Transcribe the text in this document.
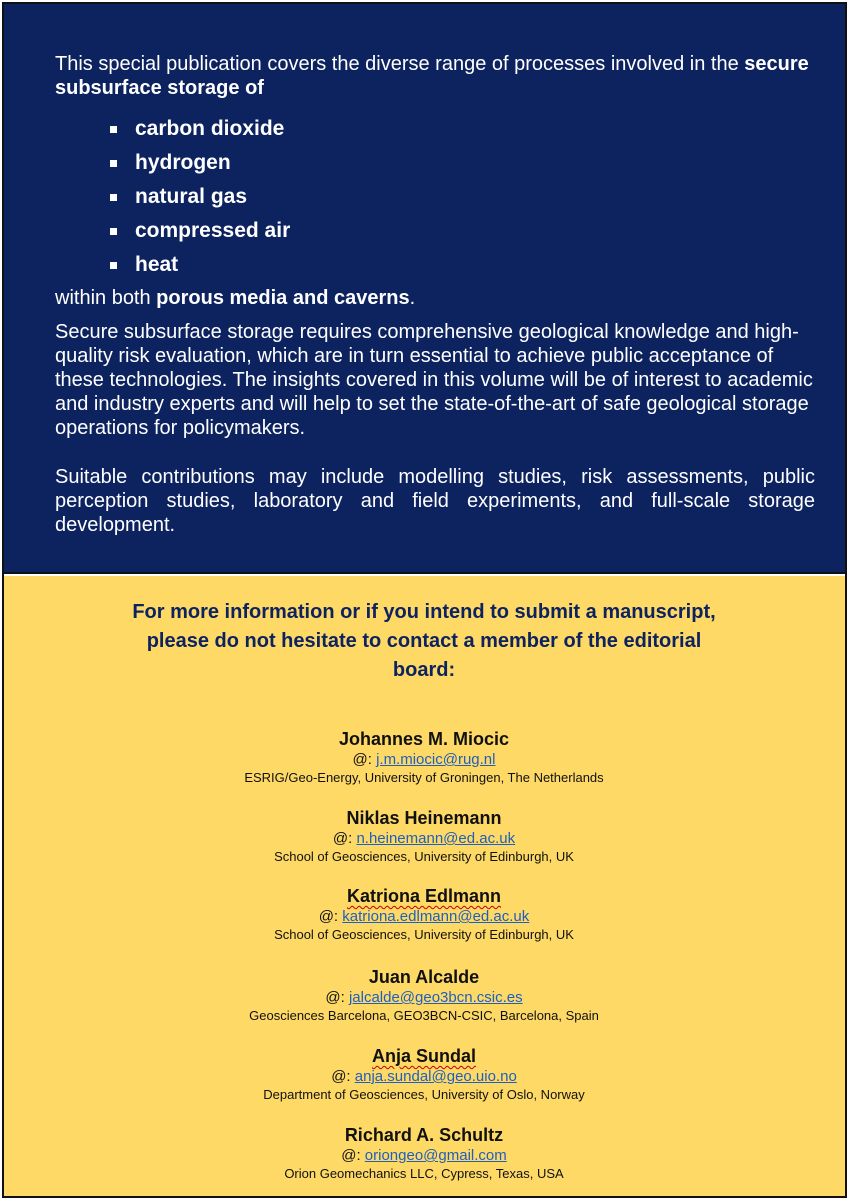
This special publication covers the diverse range of processes involved in the secure subsurface storage of

carbon dioxide
hydrogen
natural gas
compressed air
heat

within both porous media and caverns.

Secure subsurface storage requires comprehensive geological knowledge and high-quality risk evaluation, which are in turn essential to achieve public acceptance of these technologies. The insights covered in this volume will be of interest to academic and industry experts and will help to set the state-of-the-art of safe geological storage operations for policymakers.

Suitable contributions may include modelling studies, risk assessments, public perception studies, laboratory and field experiments, and full-scale storage development.

For more information or if you intend to submit a manuscript, please do not hesitate to contact a member of the editorial board:

Johannes M. Miocic
@: j.m.miocic@rug.nl
ESRIG/Geo-Energy, University of Groningen, The Netherlands
Niklas Heinemann
@: n.heinemann@ed.ac.uk
School of Geosciences, University of Edinburgh, UK
Katriona Edlmann
@: katriona.edlmann@ed.ac.uk
School of Geosciences, University of Edinburgh, UK
Juan Alcalde
@: jalcalde@geo3bcn.csic.es
Geosciences Barcelona, GEO3BCN-CSIC, Barcelona, Spain
Anja Sundal
@: anja.sundal@geo.uio.no
Department of Geosciences, University of Oslo, Norway
Richard A. Schultz
@: oriongeo@gmail.com
Orion Geomechanics LLC, Cypress, Texas, USA
